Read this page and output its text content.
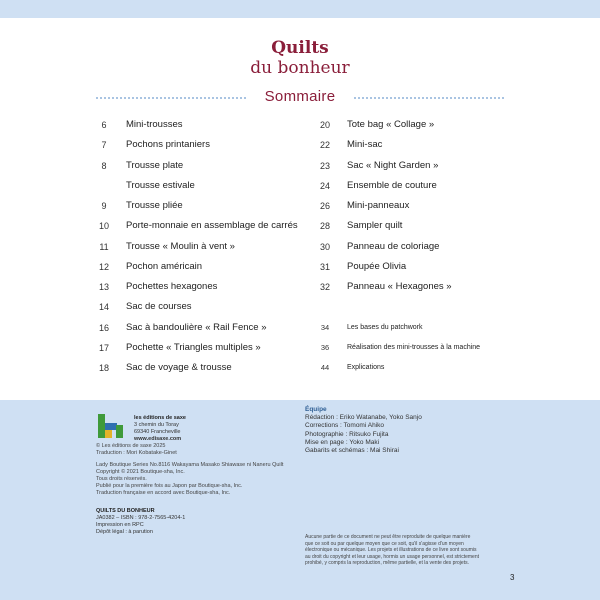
Quilts
du bonheur
Sommaire
6	Mini-trousses
7	Pochons printaniers
8	Trousse plate
Trousse estivale
9	Trousse pliée
10	Porte-monnaie en assemblage de carrés
11	Trousse « Moulin à vent »
12	Pochon américain
13	Pochettes hexagones
14	Sac de courses
16	Sac à bandoulière « Rail Fence »
17	Pochette « Triangles multiples »
18	Sac de voyage & trousse
20	Tote bag « Collage »
22	Mini-sac
23	Sac « Night Garden »
24	Ensemble de couture
26	Mini-panneaux
28	Sampler quilt
30	Panneau de coloriage
31	Poupée Olivia
32	Panneau « Hexagones »
34	Les bases du patchwork
36	Réalisation des mini-trousses à la machine
44	Explications
les éditions de saxe
3 chemin du Toray
69340 Francheville
www.edisaxe.com
© Les éditions de saxe 2025
Traduction : Mori Kobatake-Ginet
Lady Boutique Series No.8116 Wakayama Masako Shiawase ni Naneru Quilt
Copyright © 2021 Boutique-sha, Inc.
Tous droits réservés.
Publié pour la première fois au Japon par Boutique-sha, Inc.
Traduction française en accord avec Boutique-sha, Inc.
QUILTS DU BONHEUR
JA0382 – ISBN : 978-2-7565-4204-1
Impression en RPC
Dépôt légal : à parution
Équipe
Rédaction : Eriko Watanabe, Yoko Sanjo
Corrections : Tomomi Ahiko
Photographie : Ritsuko Fujita
Mise en page : Yoko Maki
Gabarits et schémas : Mai Shirai
Aucune partie de ce document ne peut être reproduite de quelque manière
que ce soit ou par quelque moyen que ce soit, qu'il s'agisse d'un moyen
électronique ou mécanique. Les projets et illustrations de ce livre sont soumis
au droit du copyright et leur usage, hormis un usage personnel, est strictement
prohibé, y compris la reproduction, même partielle, et la vente des projets.
3
